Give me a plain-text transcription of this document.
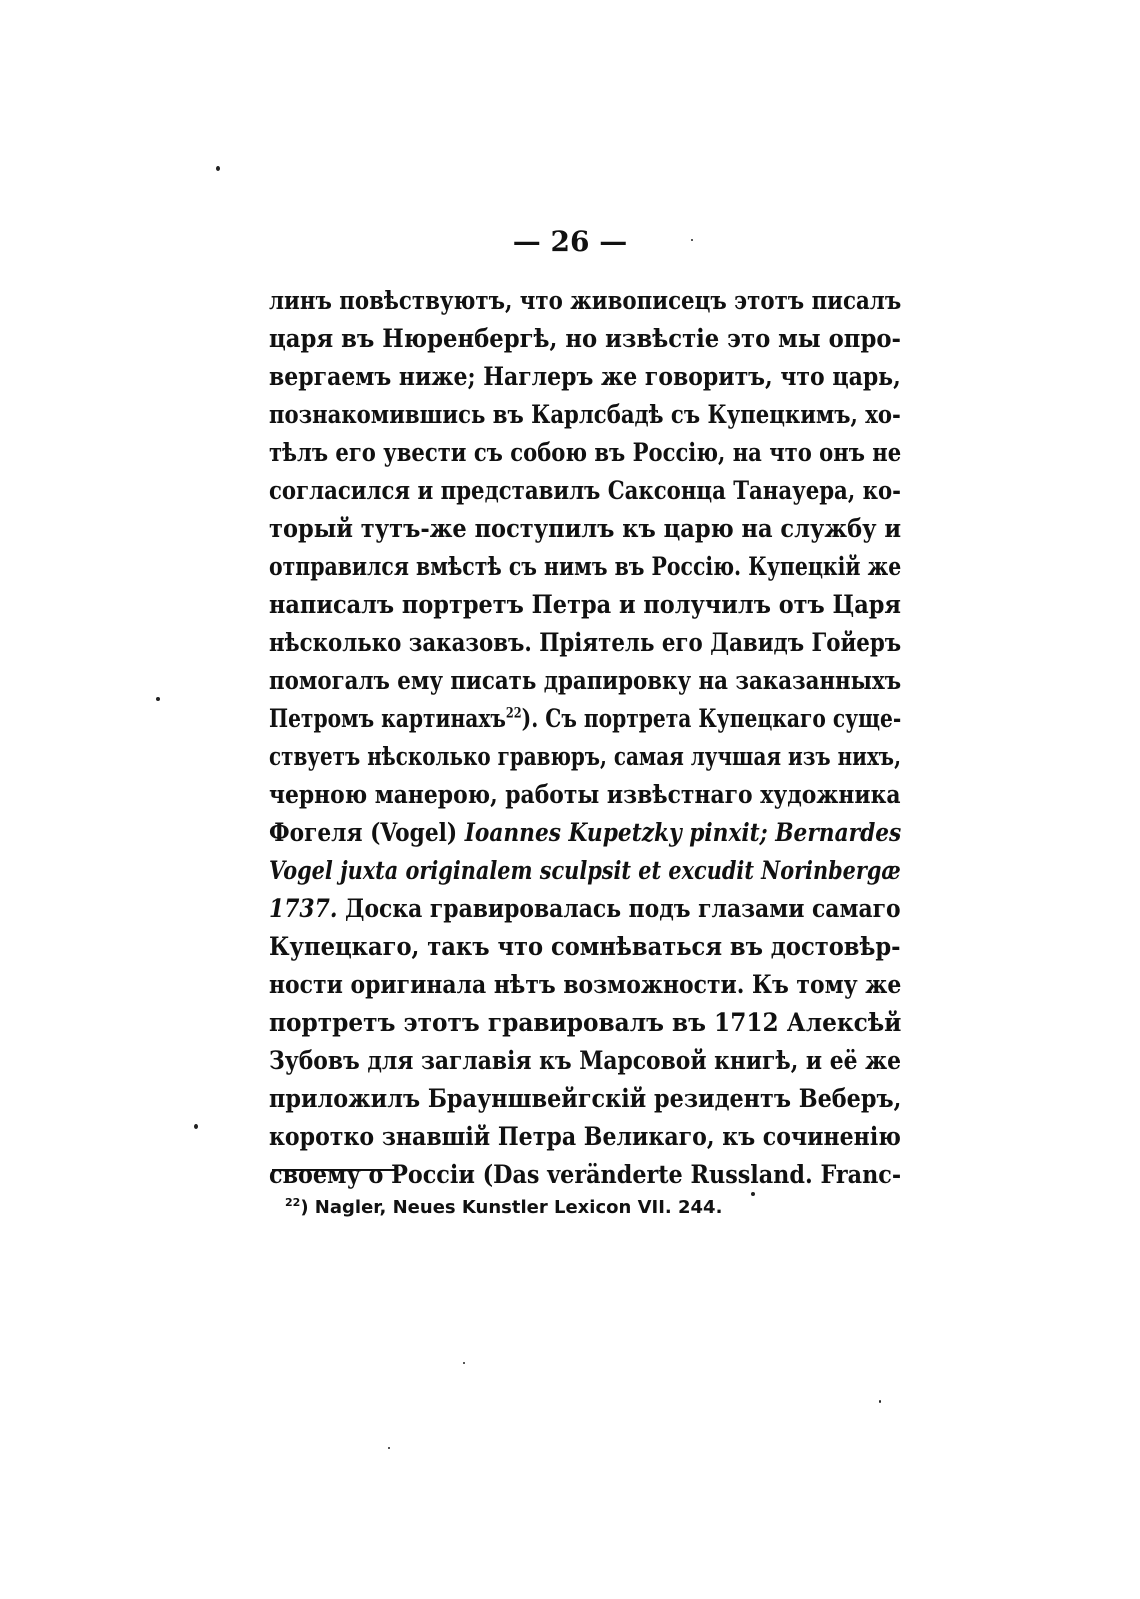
— 26 —
линъ повѣствуютъ, что живописецъ этотъ писалъ
царя въ Нюренбергѣ, но извѣстіе это мы опро-
вергаемъ ниже; Наглеръ же говоритъ, что царь,
познакомившись въ Карлсбадѣ съ Купецкимъ, хо-
тѣлъ его увести съ собою въ Россію, на что онъ не
согласился и представилъ Саксонца Танауера, ко-
торый тутъ-же поступилъ къ царю на службу и
отправился вмѣстѣ съ нимъ въ Россію. Купецкій же
написалъ портретъ Петра и получилъ отъ Царя
нѣсколько заказовъ. Пріятель его Давидъ Гойеръ
помогалъ ему писать драпировку на заказанныхъ
Петромъ картинахъ$^{22}$). Съ портрета Купецкаго суще-
ствуетъ нѣсколько гравюръ, самая лучшая изъ нихъ,
черною манерою, работы извѣстнаго художника
Фогеля (Vogel) Ioannes Kupetzky pinxit; Bernardes
Vogel juxta originalem sculpsit et excudit Norinbergæ
1737. Доска гравировалась подъ глазами самаго
Купецкаго, такъ что сомнѣваться въ достовѣр-
ности оригинала нѣтъ возможности. Къ тому же
портретъ этотъ гравировалъ въ 1712 Алексѣй
Зубовъ для заглавія къ Марсовой книгѣ, и её же
приложилъ Брауншвейгскій резидентъ Веберъ,
коротко знавшій Петра Великаго, къ сочиненію
своему о Россіи (Das veränderte Russland. Franc-
$^{22}$) Nagler, Neues Kunstler Lexicon VII. 244.
